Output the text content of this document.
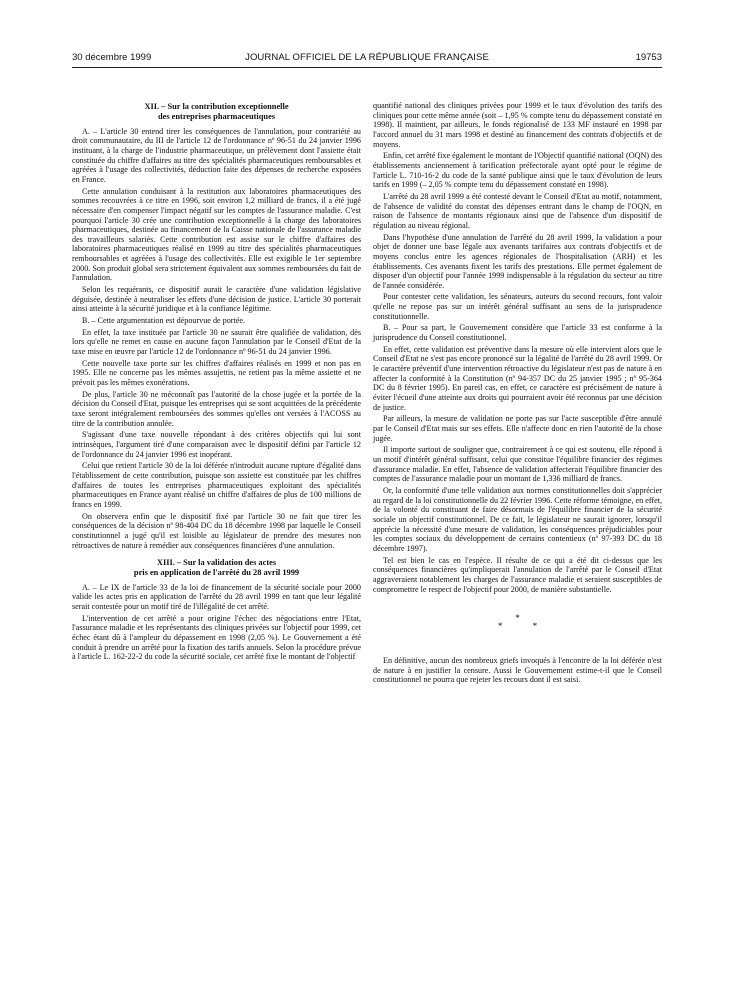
30 décembre 1999	JOURNAL OFFICIEL DE LA RÉPUBLIQUE FRANÇAISE	19753
XII. – Sur la contribution exceptionnelle
des entreprises pharmaceutiques

A. – L'article 30 entend tirer les conséquences de l'annulation, pour contrariété au droit communautaire, du III de l'article 12 de l'ordonnance nº 96-51 du 24 janvier 1996 instituant, à la charge de l'industrie pharmaceutique, un prélèvement dont l'assiette était constituée du chiffre d'affaires au titre des spécialités pharmaceutiques remboursables et agréées à l'usage des collectivités, déduction faite des dépenses de recherche exposées en France.

Cette annulation conduisant à la restitution aux laboratoires pharmaceutiques des sommes recouvrées à ce titre en 1996, soit environ 1,2 milliard de francs, il a été jugé nécessaire d'en compenser l'impact négatif sur les comptes de l'assurance maladie. C'est pourquoi l'article 30 crée une contribution exceptionnelle à la charge des laboratoires pharmaceutiques, destinée au financement de la Caisse nationale de l'assurance maladie des travailleurs salariés. Cette contribution est assise sur le chiffre d'affaires des laboratoires pharmaceutiques réalisé en 1999 au titre des spécialités pharmaceutiques remboursables et agréées à l'usage des collectivités. Elle est exigible le 1er septembre 2000. Son produit global sera strictement équivalent aux sommes remboursées du fait de l'annulation.

Selon les requérants, ce dispositif aurait le caractère d'une validation législative déguisée, destinée à neutraliser les effets d'une décision de justice. L'article 30 porterait ainsi atteinte à la sécurité juridique et à la confiance légitime.

B. – Cette argumentation est dépourvue de portée.

En effet, la taxe instituée par l'article 30 ne saurait être qualifiée de validation, dès lors qu'elle ne remet en cause en aucune façon l'annulation par le Conseil d'Etat de la taxe mise en œuvre par l'article 12 de l'ordonnance nº 96-51 du 24 janvier 1996.

Cette nouvelle taxe porte sur les chiffres d'affaires réalisés en 1999 et non pas en 1995. Elle ne concerne pas les mêmes assujettis, ne retient pas la même assiette et ne prévoit pas les mêmes exonérations.

De plus, l'article 30 ne méconnaît pas l'autorité de la chose jugée et la portée de la décision du Conseil d'Etat, puisque les entreprises qui se sont acquittées de la précédente taxe seront intégralement remboursées des sommes qu'elles ont versées à l'ACOSS au titre de la contribution annulée.

S'agissant d'une taxe nouvelle répondant à des critères objectifs qui lui sont intrinsèques, l'argument tiré d'une comparaison avec le dispositif défini par l'article 12 de l'ordonnance du 24 janvier 1996 est inopérant.

Celui que retient l'article 30 de la loi déférée n'introduit aucune rupture d'égalité dans l'établissement de cette contribution, puisque son assiette est constituée par les chiffres d'affaires de toutes les entreprises pharmaceutiques exploitant des spécialités pharmaceutiques en France ayant réalisé un chiffre d'affaires de plus de 100 millions de francs en 1999.

On observera enfin que le dispositif fixé par l'article 30 ne fait que tirer les conséquences de la décision nº 98-404 DC du 18 décembre 1998 par laquelle le Conseil constitutionnel a jugé qu'il est loisible au législateur de prendre des mesures non rétroactives de nature à remédier aux conséquences financières d'une annulation.

XIII. – Sur la validation des actes
pris en application de l'arrêté du 28 avril 1999

A. – Le IX de l'article 33 de la loi de financement de la sécurité sociale pour 2000 valide les actes pris en application de l'arrêté du 28 avril 1999 en tant que leur légalité serait contestée pour un motif tiré de l'illégalité de cet arrêté.

L'intervention de cet arrêté a pour origine l'échec des négociations entre l'Etat, l'assurance maladie et les représentants des cliniques privées sur l'objectif pour 1999, cet échec étant dû à l'ampleur du dépassement en 1998 (2,05 %). Le Gouvernement a été conduit à prendre un arrêté pour la fixation des tarifs annuels. Selon la procédure prévue à l'article L. 162-22-2 du code la sécurité sociale, cet arrêté fixe le montant de l'objectif

quantifié national des cliniques privées pour 1999 et le taux d'évolution des tarifs des cliniques pour cette même année (soit – 1,95 % compte tenu du dépassement constaté en 1998). Il maintient, par ailleurs, le fonds régionalisé de 133 MF instauré en 1998 par l'accord annuel du 31 mars 1998 et destiné au financement des contrats d'objectifs et de moyens.

Enfin, cet arrêté fixe également le montant de l'Objectif quantifié national (OQN) des établissements anciennement à tarification préfectorale ayant opté pour le régime de l'article L. 710-16-2 du code de la santé publique ainsi que le taux d'évolution de leurs tarifs en 1999 (– 2,05 % compte tenu du dépassement constaté en 1998).

L'arrêté du 28 avril 1999 a été contesté devant le Conseil d'Etat au motif, notamment, de l'absence de validité du constat des dépenses entrant dans le champ de l'OQN, en raison de l'absence de montants régionaux ainsi que de l'absence d'un dispositif de régulation au niveau régional.

Dans l'hypothèse d'une annulation de l'arrêté du 28 avril 1999, la validation a pour objet de donner une base légale aux avenants tarifaires aux contrats d'objectifs et de moyens conclus entre les agences régionales de l'hospitalisation (ARH) et les établissements. Ces avenants fixent les tarifs des prestations. Elle permet également de disposer d'un objectif pour l'année 1999 indispensable à la régulation du secteur au titre de l'année considérée.

Pour contester cette validation, les sénateurs, auteurs du second recours, font valoir qu'elle ne repose pas sur un intérêt général suffisant au sens de la jurisprudence constitutionnelle.

B. – Pour sa part, le Gouvernement considère que l'article 33 est conforme à la jurisprudence du Conseil constitutionnel.

En effet, cette validation est préventive dans la mesure où elle intervient alors que le Conseil d'Etat ne s'est pas encore prononcé sur la légalité de l'arrêté du 28 avril 1999. Or le caractère préventif d'une intervention rétroactive du législateur n'est pas de nature à en affecter la conformité à la Constitution (nº 94-357 DC du 25 janvier 1995 ; nº 95-364 DC du 8 février 1995). En pareil cas, en effet, ce caractère est précisément de nature à éviter l'écueil d'une atteinte aux droits qui pourraient avoir été reconnus par une décision de justice.

Par ailleurs, la mesure de validation ne porte pas sur l'acte susceptible d'être annulé par le Conseil d'Etat mais sur ses effets. Elle n'affecte donc en rien l'autorité de la chose jugée.

Il importe surtout de souligner que, contrairement à ce qui est soutenu, elle répond à un motif d'intérêt général suffisant, celui que constitue l'équilibre financier des régimes d'assurance maladie. En effet, l'absence de validation affecterait l'équilibre financier des comptes de l'assurance maladie pour un montant de 1,336 milliard de francs.

Or, la conformité d'une telle validation aux normes constitutionnelles doit s'apprécier au regard de la loi constitutionnelle du 22 février 1996. Cette réforme témoigne, en effet, de la volonté du constituant de faire désormais de l'équilibre financier de la sécurité sociale un objectif constitutionnel. De ce fait, le législateur ne saurait ignorer, lorsqu'il apprécie la nécessité d'une mesure de validation, les conséquences préjudiciables pour les comptes sociaux du développement de certains contentieux (nº 97-393 DC du 18 décembre 1997).

Tel est bien le cas en l'espèce. Il résulte de ce qui a été dit ci-dessus que les conséquences financières qu'impliquerait l'annulation de l'arrêté par le Conseil d'Etat aggraveraient notablement les charges de l'assurance maladie et seraient susceptibles de compromettre le respect de l'objectif pour 2000, de manière substantielle.

*
* *

En définitive, aucun des nombreux griefs invoqués à l'encontre de la loi déférée n'est de nature à en justifier la censure. Aussi le Gouvernement estime-t-il que le Conseil constitutionnel ne pourra que rejeter les recours dont il est saisi.
